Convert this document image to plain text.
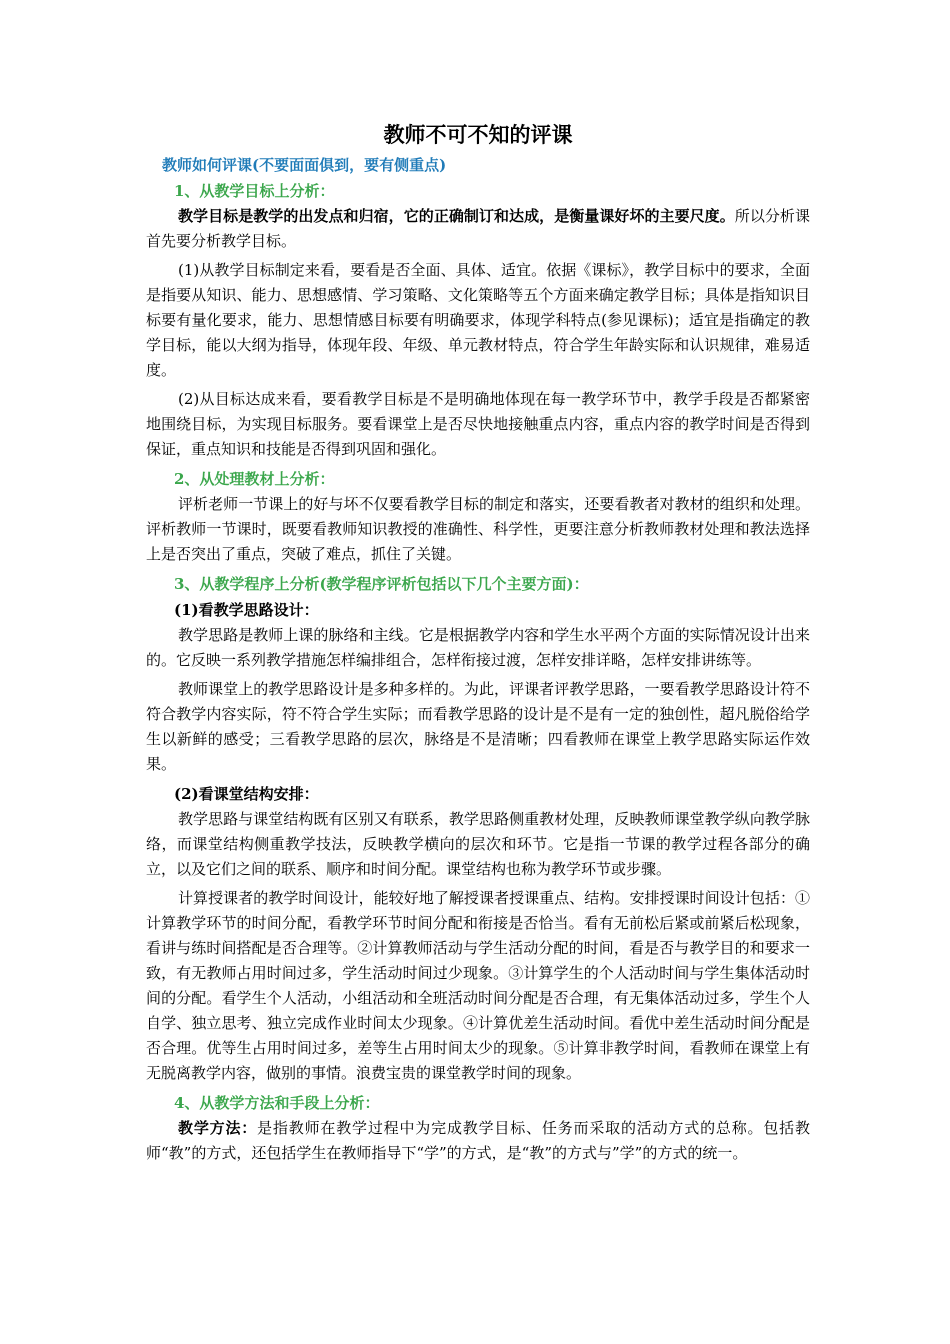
教师不可不知的评课
教师如何评课(不要面面俱到，要有侧重点)
1、从教学目标上分析：

教学目标是教学的出发点和归宿，它的正确制订和达成，是衡量课好坏的主要尺度。所以分析课首先要分析教学目标。

(1)从教学目标制定来看，要看是否全面、具体、适宜。依据《课标》，教学目标中的要求，全面是指要从知识、能力、思想感情、学习策略、文化策略等五个方面来确定教学目标；具体是指知识目标要有量化要求，能力、思想情感目标要有明确要求，体现学科特点(参见课标)；适宜是指确定的教学目标，能以大纲为指导，体现年段、年级、单元教材特点，符合学生年龄实际和认识规律，难易适度。

(2)从目标达成来看，要看教学目标是不是明确地体现在每一教学环节中，教学手段是否都紧密地围绕目标，为实现目标服务。要看课堂上是否尽快地接触重点内容，重点内容的教学时间是否得到保证，重点知识和技能是否得到巩固和强化。

2、从处理教材上分析：

评析老师一节课上的好与坏不仅要看教学目标的制定和落实，还要看教者对教材的组织和处理。评析教师一节课时，既要看教师知识教授的准确性、科学性，更要注意分析教师教材处理和教法选择上是否突出了重点，突破了难点，抓住了关键。

3、从教学程序上分析(教学程序评析包括以下几个主要方面)：
(1)看教学思路设计：

教学思路是教师上课的脉络和主线。它是根据教学内容和学生水平两个方面的实际情况设计出来的。它反映一系列教学措施怎样编排组合，怎样衔接过渡，怎样安排详略，怎样安排讲练等。

教师课堂上的教学思路设计是多种多样的。为此，评课者评教学思路，一要看教学思路设计符不符合教学内容实际，符不符合学生实际；而看教学思路的设计是不是有一定的独创性，超凡脱俗给学生以新鲜的感受；三看教学思路的层次，脉络是不是清晰；四看教师在课堂上教学思路实际运作效果。

(2)看课堂结构安排：

教学思路与课堂结构既有区别又有联系，教学思路侧重教材处理，反映教师课堂教学纵向教学脉络，而课堂结构侧重教学技法，反映教学横向的层次和环节。它是指一节课的教学过程各部分的确立，以及它们之间的联系、顺序和时间分配。课堂结构也称为教学环节或步骤。

计算授课者的教学时间设计，能较好地了解授课者授课重点、结构。安排授课时间设计包括：①计算教学环节的时间分配，看教学环节时间分配和衔接是否恰当。看有无前松后紧或前紧后松现象，看讲与练时间搭配是否合理等。②计算教师活动与学生活动分配的时间，看是否与教学目的和要求一致，有无教师占用时间过多，学生活动时间过少现象。③计算学生的个人活动时间与学生集体活动时间的分配。看学生个人活动，小组活动和全班活动时间分配是否合理，有无集体活动过多，学生个人自学、独立思考、独立完成作业时间太少现象。④计算优差生活动时间。看优中差生活动时间分配是否合理。优等生占用时间过多，差等生占用时间太少的现象。⑤计算非教学时间，看教师在课堂上有无脱离教学内容，做别的事情。浪费宝贵的课堂教学时间的现象。

4、从教学方法和手段上分析：

教学方法：是指教师在教学过程中为完成教学目标、任务而采取的活动方式的总称。包括教师“教”的方式，还包括学生在教师指导下“学”的方式，是“教”的方式与”学”的方式的统一。
